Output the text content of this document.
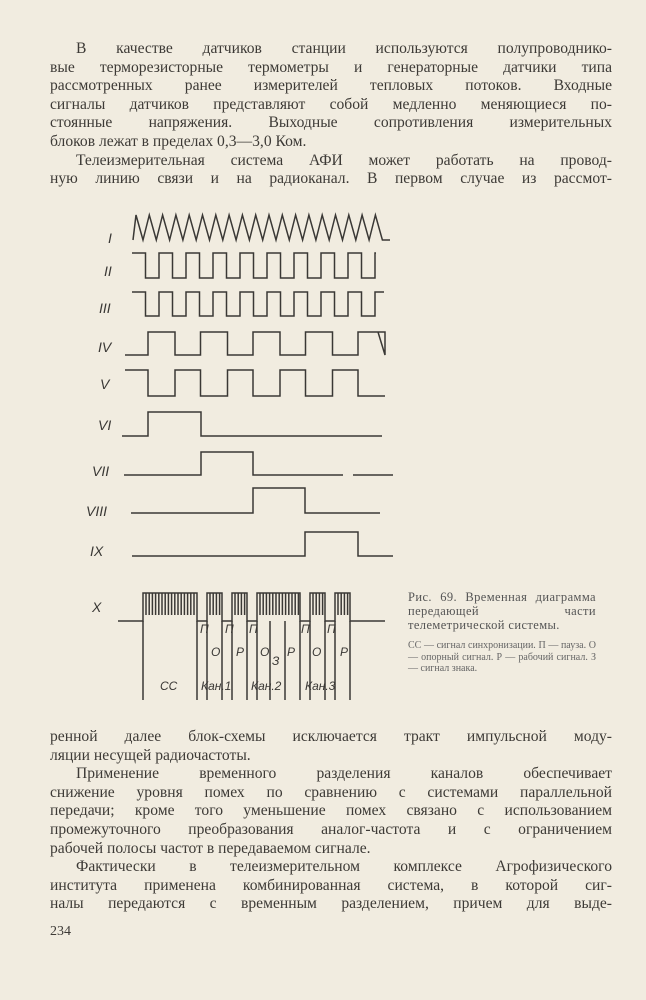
В качестве датчиков станции используются полупроводнико-
вые терморезисторные термометры и генераторные датчики типа
рассмотренных ранее измерителей тепловых потоков. Входные
сигналы датчиков представляют собой медленно меняющиеся по-
стоянные напряжения. Выходные сопротивления измерительных
блоков лежат в пределах 0,3—3,0 Ком.
Телеизмерительная система АФИ может работать на провод-
ную линию связи и на радиоканал. В первом случае из рассмот-
I
II
III
IV
V
VI
VII
VIII
IX
X
П
О
П
Р
П
О
З
Р
П
О
П
Р
СС Кан.1 Кан.2 Кан.3
Рис. 69. Временная диаграмма передающей части телеметрической системы.
СС — сигнал синхронизации. П — пауза. О — опорный сигнал. Р — рабочий сигнал. З — сигнал знака.
ренной далее блок-схемы исключается тракт импульсной моду-
ляции несущей радиочастоты.
Применение временного разделения каналов обеспечивает
снижение уровня помех по сравнению с системами параллельной
передачи; кроме того уменьшение помех связано с использованием
промежуточного преобразования аналог-частота и с ограничением
рабочей полосы частот в передаваемом сигнале.
Фактически в телеизмерительном комплексе Агрофизического
института применена комбинированная система, в которой сиг-
налы передаются с временным разделением, причем для выде-
234
